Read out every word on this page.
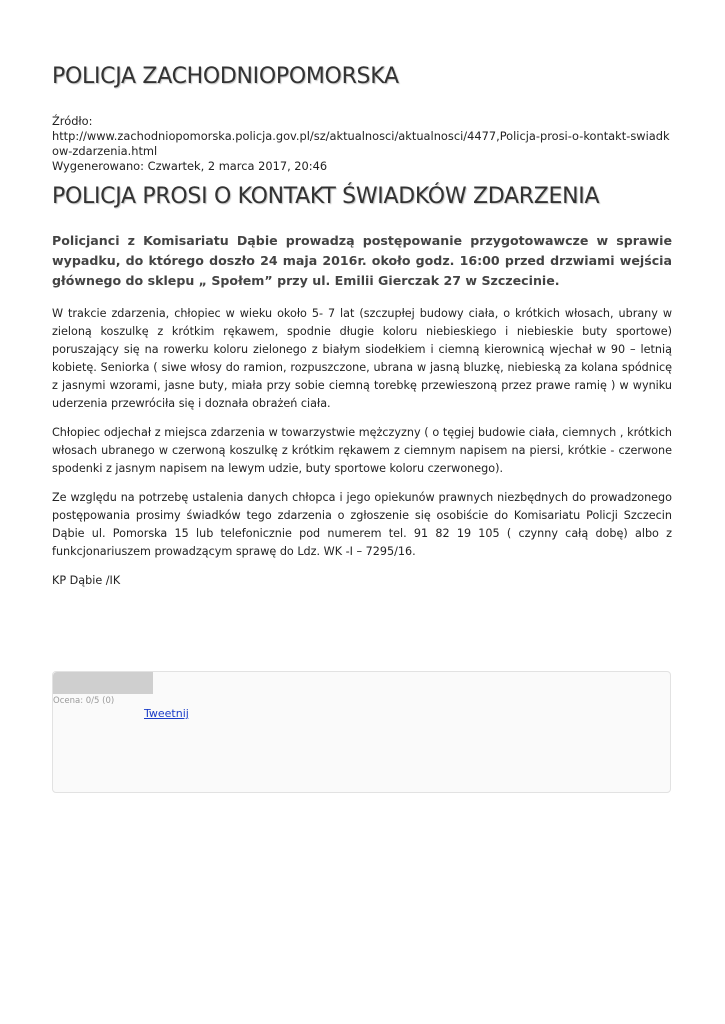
POLICJA ZACHODNIOPOMORSKA
Źródło:
http://www.zachodniopomorska.policja.gov.pl/sz/aktualnosci/aktualnosci/4477,Policja-prosi-o-kontakt-swiadkow-zdarzenia.html
Wygenerowano: Czwartek, 2 marca 2017, 20:46
POLICJA PROSI O KONTAKT ŚWIADKÓW ZDARZENIA

Policjanci z Komisariatu Dąbie prowadzą postępowanie przygotowawcze w sprawie wypadku, do którego doszło 24 maja 2016r. około godz. 16:00 przed drzwiami wejścia głównego do sklepu „ Społem” przy ul. Emilii Gierczak 27 w Szczecinie.

W trakcie zdarzenia, chłopiec w wieku około 5- 7 lat (szczupłej budowy ciała, o krótkich włosach, ubrany w zieloną koszulkę z krótkim rękawem, spodnie długie koloru niebieskiego i niebieskie buty sportowe) poruszający się na rowerku koloru zielonego z białym siodełkiem i ciemną kierownicą wjechał w 90 – letnią kobietę. Seniorka ( siwe włosy do ramion, rozpuszczone, ubrana w jasną bluzkę, niebieską za kolana spódnicę z jasnymi wzorami, jasne buty, miała przy sobie ciemną torebkę przewieszoną przez prawe ramię ) w wyniku uderzenia przewróciła się i doznała obrażeń ciała.

Chłopiec odjechał z miejsca zdarzenia w towarzystwie mężczyzny ( o tęgiej budowie ciała, ciemnych , krótkich włosach ubranego w czerwoną koszulkę z krótkim rękawem z ciemnym napisem na piersi, krótkie - czerwone spodenki z jasnym napisem na lewym udzie, buty sportowe koloru czerwonego).

Ze względu na potrzebę ustalenia danych chłopca i jego opiekunów prawnych niezbędnych do prowadzonego postępowania prosimy świadków tego zdarzenia o zgłoszenie się osobiście do Komisariatu Policji Szczecin Dąbie ul. Pomorska 15 lub telefonicznie pod numerem tel. 91 82 19 105 ( czynny całą dobę) albo z funkcjonariuszem prowadzącym sprawę do Ldz. WK -I – 7295/16.

KP Dąbie /IK

Ocena: 0/5 (0)
Tweetnij
